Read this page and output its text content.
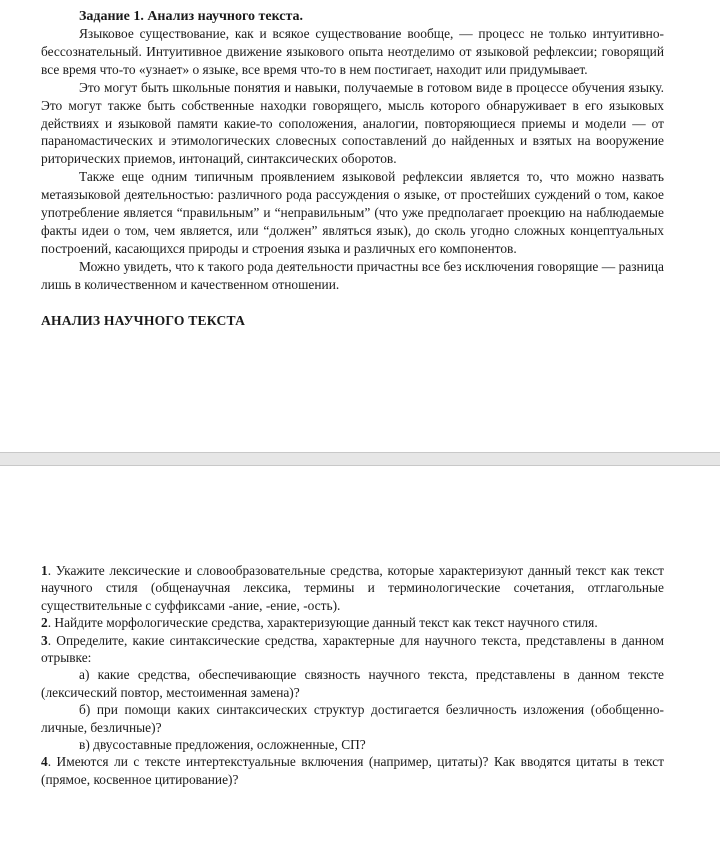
Задание 1. Анализ научного текста.

Языковое существование, как и всякое существование вообще, — процесс не только интуитивно-бессознательный. Интуитивное движение языкового опыта неотделимо от языковой рефлексии; говорящий все время что-то «узнает» о языке, все время что-то в нем постигает, находит или придумывает.

Это могут быть школьные понятия и навыки, получаемые в готовом виде в процессе обучения языку. Это могут также быть собственные находки говорящего, мысль которого обнаруживает в его языковых действиях и языковой памяти какие-то соположения, аналогии, повторяющиеся приемы и модели — от параномастических и этимологических словесных сопоставлений до найденных и взятых на вооружение риторических приемов, интонаций, синтаксических оборотов.

Также еще одним типичным проявлением языковой рефлексии является то, что можно назвать метаязыковой деятельностью: различного рода рассуждения о языке, от простейших суждений о том, какое употребление является “правильным” и “неправильным” (что уже предполагает проекцию на наблюдаемые факты идеи о том, чем является, или “должен” являться язык), до сколь угодно сложных концептуальных построений, касающихся природы и строения языка и различных его компонентов.

Можно увидеть, что к такого рода деятельности причастны все без исключения говорящие — разница лишь в количественном и качественном отношении.

АНАЛИЗ НАУЧНОГО ТЕКСТА

1. Укажите лексические и словообразовательные средства, которые характеризуют данный текст как текст научного стиля (общенаучная лексика, термины и терминологические сочетания, отглагольные существительные с суффиксами -ание, -ение, -ость).

2. Найдите морфологические средства, характеризующие данный текст как текст научного стиля.

3. Определите, какие синтаксические средства, характерные для научного текста, представлены в данном отрывке:

а) какие средства, обеспечивающие связность научного текста, представлены в данном тексте (лексический повтор, местоименная замена)?

б) при помощи каких синтаксических структур достигается безличность изложения (обобщенно-личные, безличные)?

в) двусоставные предложения, осложненные, СП?

4. Имеются ли с тексте интертекстуальные включения (например, цитаты)? Как вводятся цитаты в текст (прямое, косвенное цитирование)?
